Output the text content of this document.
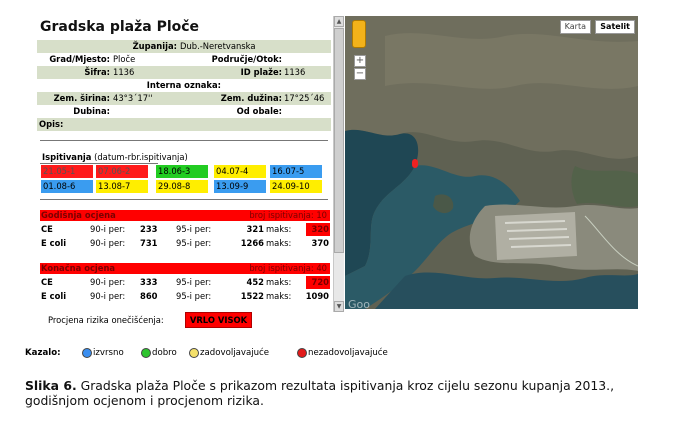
Gradska plaža Ploče
Županija: Dub.-Neretvanska
Grad/Mjesto: Ploče	Područje/Otok:
Šifra: 1136	ID plaže: 1136
Interna oznaka:
Zem. širina: 43°3´17''	Zem. dužina: 17°25´46
Dubina:	Od obale:
Opis:
Ispitivanja (datum-rbr.ispitivanja)
21.05-1	07.06-2	18.06-3	04.07-4	16.07-5
01.08-6	13.08-7	29.08-8	13.09-9	24.09-10
Godišnja ocjena	broj ispitivanja: 10
CE	90-i per: 233 95-i per:	321 maks:	320
E coli	90-i per: 731 95-i per:	1266 maks: 370
Konačna ocjena	broj ispitivanja: 40
CE	90-i per: 333 95-i per:	452 maks:	720
E coli	90-i per: 860 95-i per:	1522 maks: 1090
▲
▼
Procjena rizika onečišćenja:	VRLO VISOK
+
−
Karta	Satelit
Goo
Kazalo:	izvrsno	dobro	zadovoljavajuće	nezadovoljavajuće
Slika 6. Gradska plaža Ploče s prikazom rezultata ispitivanja kroz cijelu sezonu kupanja 2013., godišnjom ocjenom i procjenom rizika.
